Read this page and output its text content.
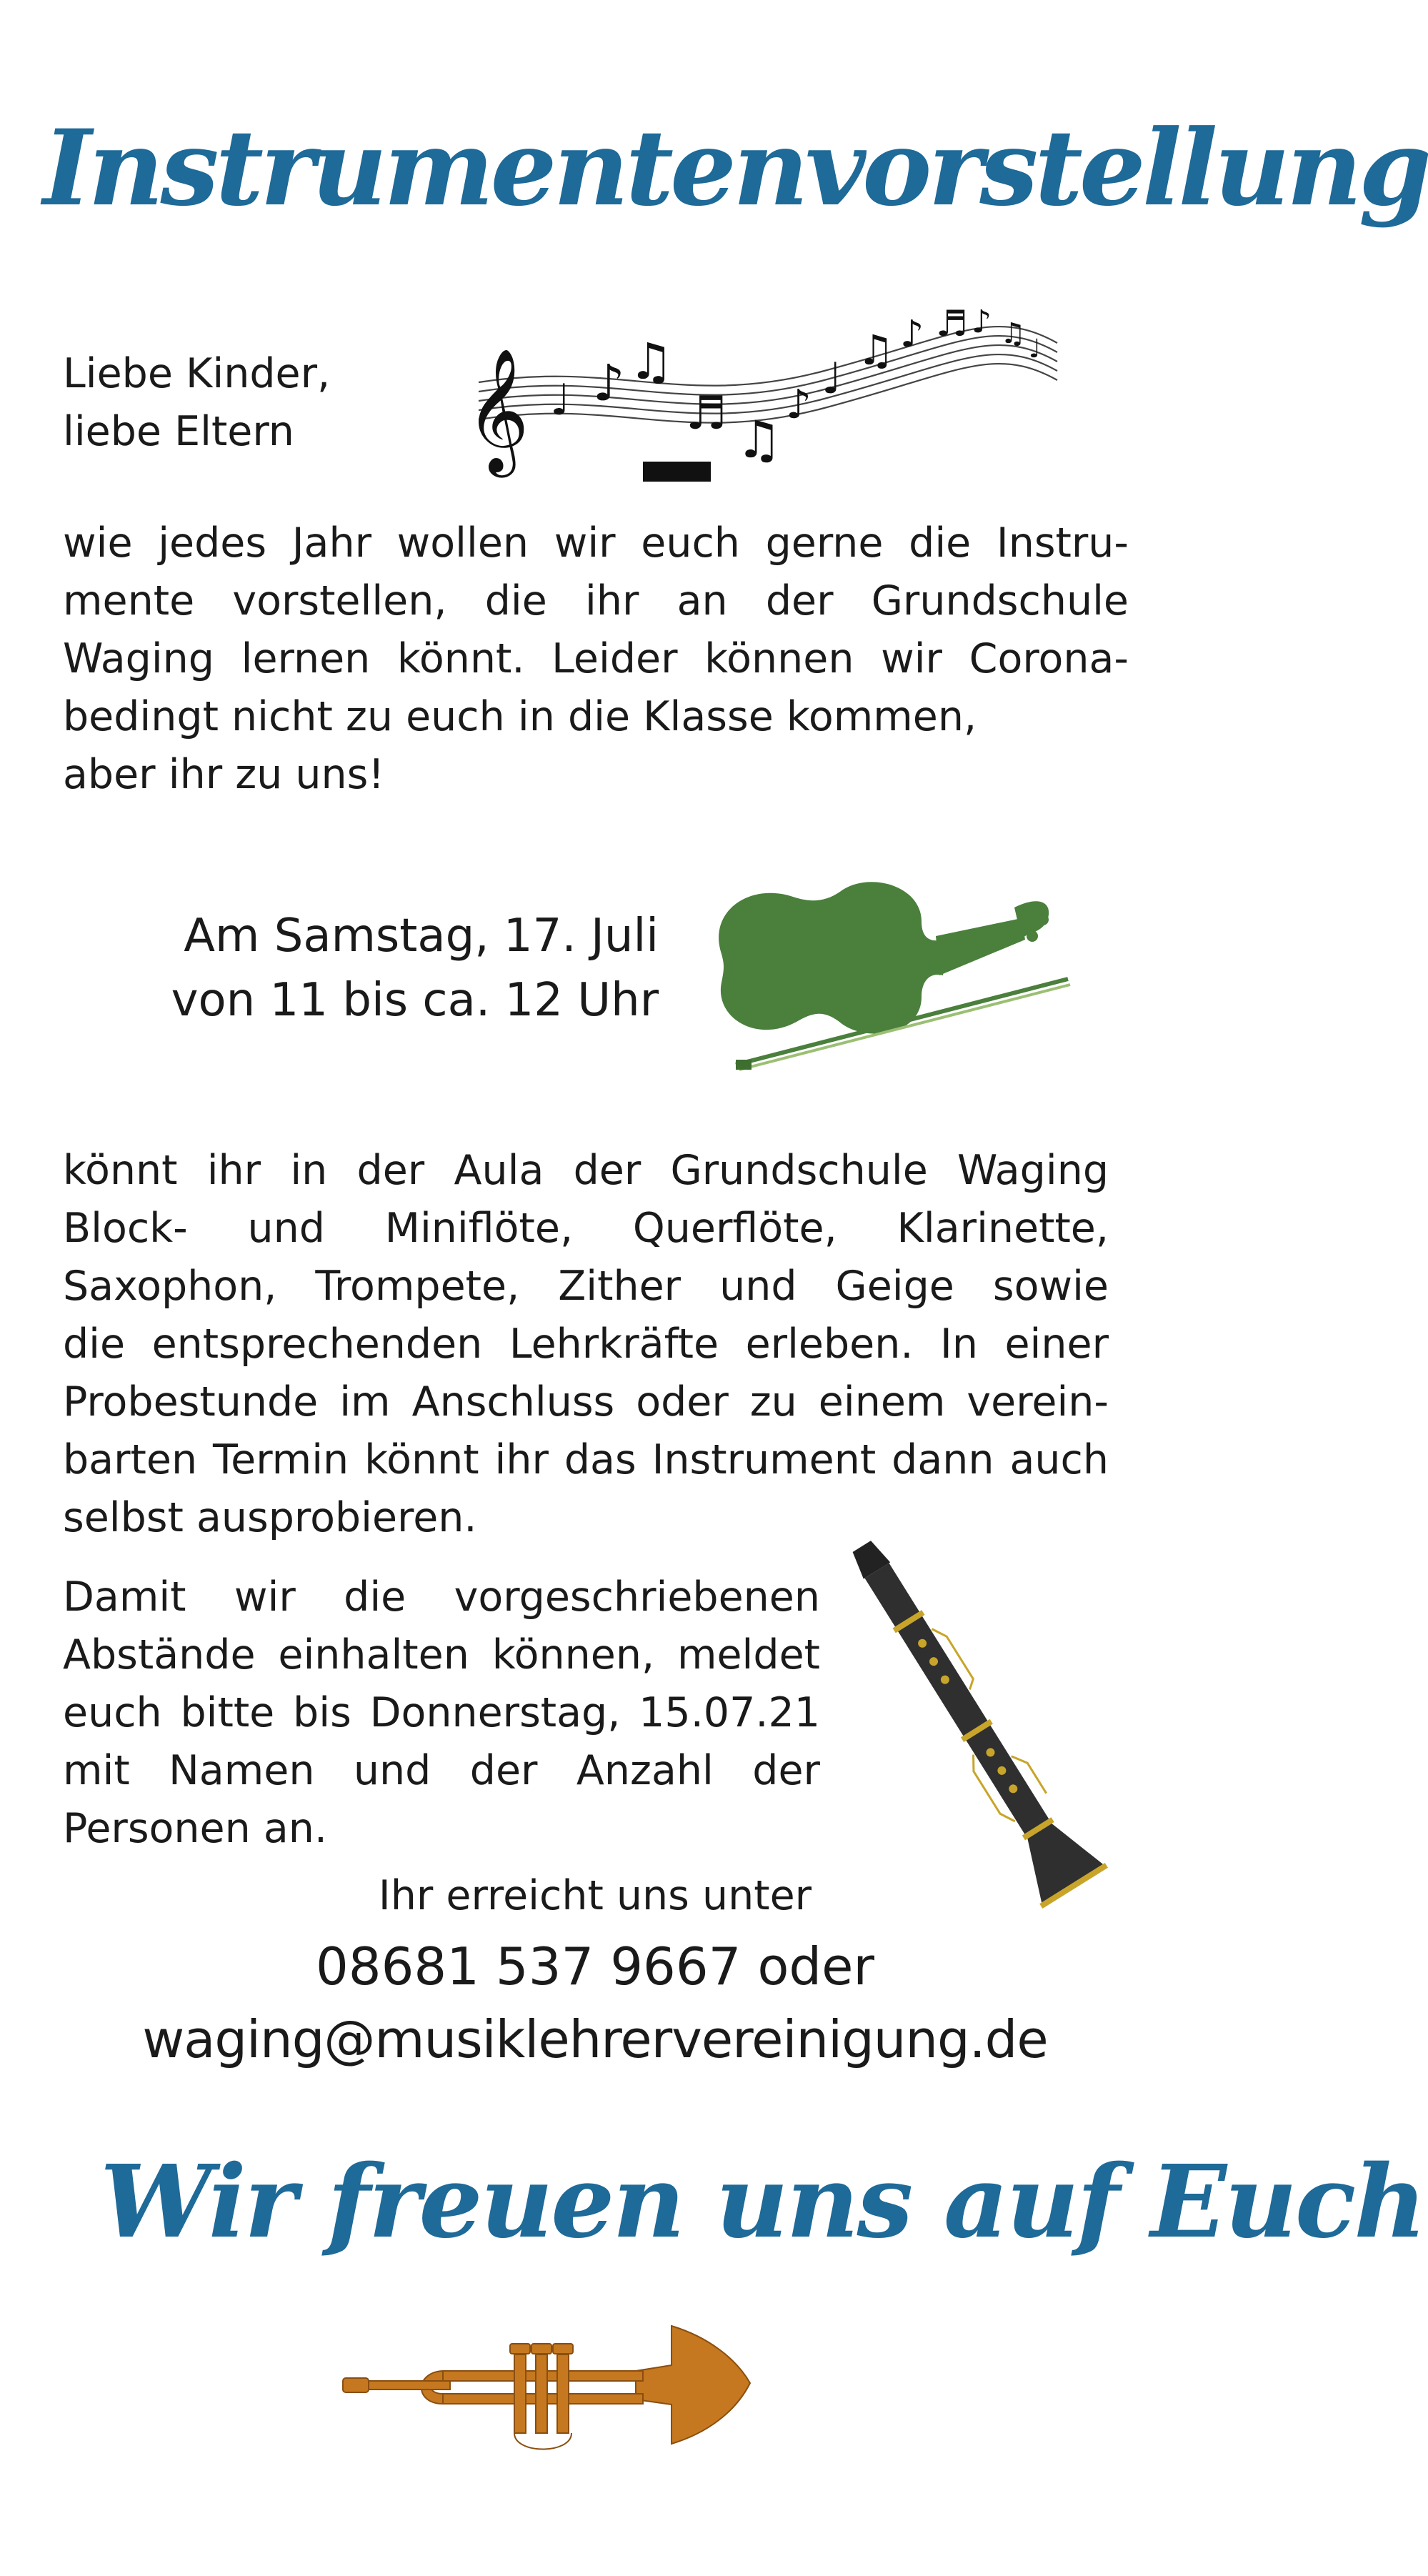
Instrumentenvorstellung
Liebe Kinder,
liebe Eltern	𝄞 ♩ ♪ ♫
♬ ♫
♪
♩
♫ ♪ ♬ ♪ ♫ ♩
wie jedes Jahr wollen wir euch gerne die Instru-
mente vorstellen, die ihr an der Grundschule
Waging lernen könnt. Leider können wir Corona-
bedingt nicht zu euch in die Klasse kommen,
aber ihr zu uns!
Am Samstag, 17. Juli
von 11 bis ca. 12 Uhr
könnt ihr in der Aula der Grundschule Waging
Block- und Miniflöte, Querflöte, Klarinette,
Saxophon, Trompete, Zither und Geige sowie
die entsprechenden Lehrkräfte erleben. In einer
Probestunde im Anschluss oder zu einem verein-
barten Termin könnt ihr das Instrument dann auch
selbst ausprobieren.
Damit wir die vorgeschriebenen
Abstände einhalten können, meldet
euch bitte bis Donnerstag, 15.07.21
mit Namen und der Anzahl der
Personen an.
Ihr erreicht uns unter
08681 537 9667 oder
waging@musiklehrervereinigung.de
Wir freuen uns auf Euch
